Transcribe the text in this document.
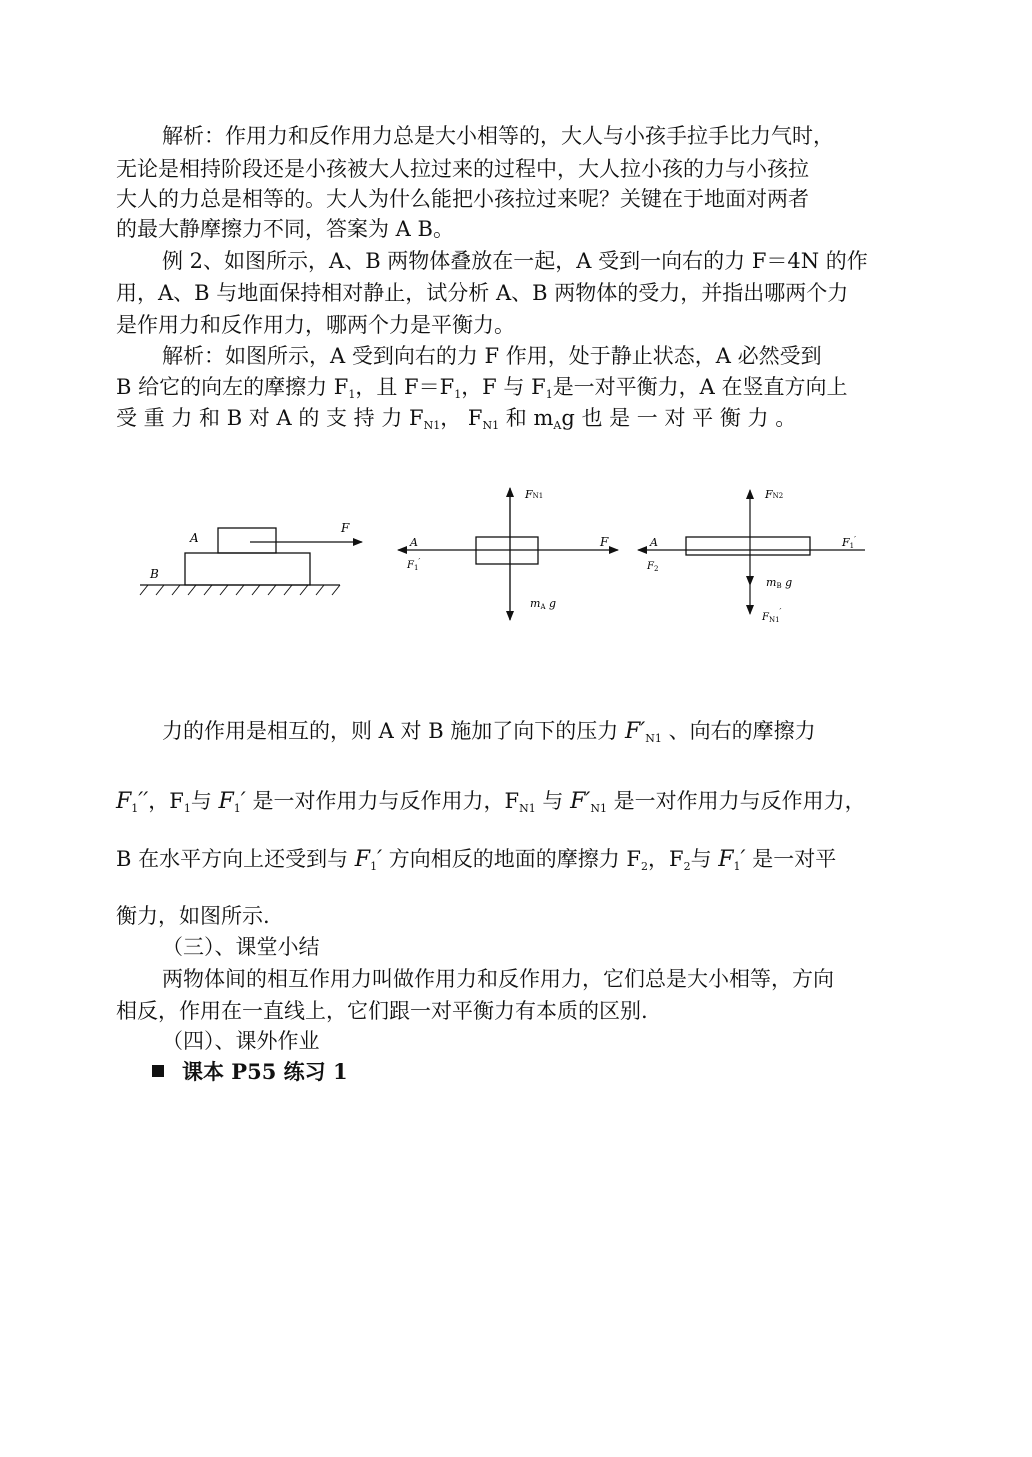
解析：作用力和反作用力总是大小相等的，大人与小孩手拉手比力气时，
无论是相持阶段还是小孩被大人拉过来的过程中，大人拉小孩的力与小孩拉
大人的力总是相等的。大人为什么能把小孩拉过来呢？关键在于地面对两者
的最大静摩擦力不同，答案为 A B。
例 2、如图所示，A、B 两物体叠放在一起，A 受到一向右的力 F＝4N 的作
用，A、B 与地面保持相对静止，试分析 A、B 两物体的受力，并指出哪两个力
是作用力和反作用力，哪两个力是平衡力。
解析：如图所示，A 受到向右的力 F 作用，处于静止状态，A 必然受到
B 给它的向左的摩擦力 $F_1$，且 $F=F_1$，F 与 $F_1$是一对平衡力，A 在竖直方向上
受 重 力 和 B 对 A 的 支 持 力 $F_{N1}$， $F_{N1}$ 和 $m_Ag$ 也 是 一 对 平 衡 力 。
A
B
F
FN1
A
$F_1'$
F
mA g
FN2
A
$F_2$
F1′
mB g
$F_{N1}'$
力的作用是相互的，则 A 对 B 施加了向下的压力 $F'_{N1}$ 、向右的摩擦力
$F_1''$，$F_1$与 $F_1'$ 是一对作用力与反作用力，$F_{N1}$ 与 $F'_{N1}$ 是一对作用力与反作用力，
B 在水平方向上还受到与 $F_1'$ 方向相反的地面的摩擦力 $F_2$，$F_2$与 $F_1'$ 是一对平
衡力，如图所示.
（三）、课堂小结
两物体间的相互作用力叫做作用力和反作用力，它们总是大小相等，方向
相反，作用在一直线上，它们跟一对平衡力有本质的区别.
（四）、课外作业
课本 P55 练习 1
